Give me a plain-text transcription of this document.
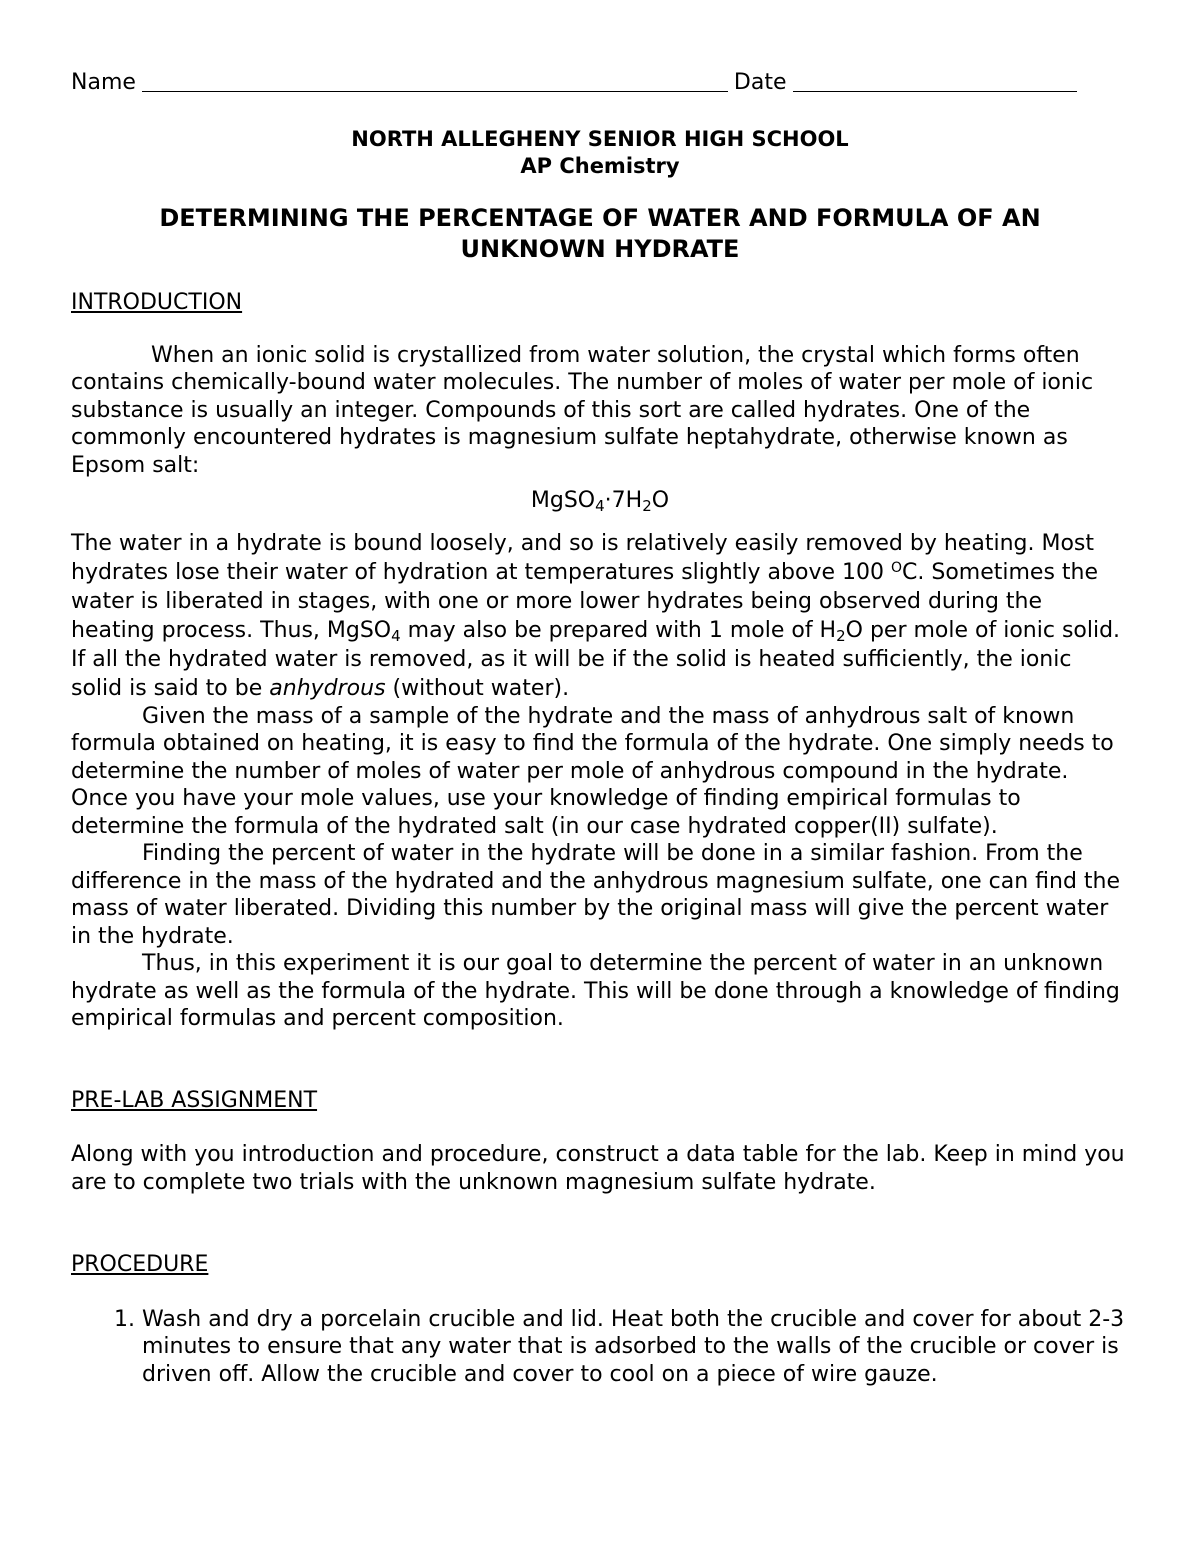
Name	Date
NORTH ALLEGHENY SENIOR HIGH SCHOOL
AP Chemistry
DETERMINING THE PERCENTAGE OF WATER AND FORMULA OF AN
UNKNOWN HYDRATE
INTRODUCTION

When an ionic solid is crystallized from water solution, the crystal which forms often contains chemically-bound water molecules. The number of moles of water per mole of ionic substance is usually an integer. Compounds of this sort are called hydrates. One of the commonly encountered hydrates is magnesium sulfate heptahydrate, otherwise known as Epsom salt:

$MgSO_4\cdot 7H_2O$

The water in a hydrate is bound loosely, and so is relatively easily removed by heating. Most hydrates lose their water of hydration at temperatures slightly above 100 $^O$C. Sometimes the water is liberated in stages, with one or more lower hydrates being observed during the heating process. Thus, MgSO$_4$ may also be prepared with 1 mole of $H_2O$ per mole of ionic solid. If all the hydrated water is removed, as it will be if the solid is heated sufficiently, the ionic solid is said to be anhydrous (without water).

Given the mass of a sample of the hydrate and the mass of anhydrous salt of known formula obtained on heating, it is easy to find the formula of the hydrate. One simply needs to determine the number of moles of water per mole of anhydrous compound in the hydrate. Once you have your mole values, use your knowledge of finding empirical formulas to determine the formula of the hydrated salt (in our case hydrated copper(II) sulfate).

Finding the percent of water in the hydrate will be done in a similar fashion. From the difference in the mass of the hydrated and the anhydrous magnesium sulfate, one can find the mass of water liberated. Dividing this number by the original mass will give the percent water in the hydrate.

Thus, in this experiment it is our goal to determine the percent of water in an unknown hydrate as well as the formula of the hydrate. This will be done through a knowledge of finding empirical formulas and percent composition.

PRE-LAB ASSIGNMENT

Along with you introduction and procedure, construct a data table for the lab. Keep in mind you are to complete two trials with the unknown magnesium sulfate hydrate.

PROCEDURE
1. Wash and dry a porcelain crucible and lid. Heat both the crucible and cover for about 2-3 minutes to ensure that any water that is adsorbed to the walls of the crucible or cover is driven off. Allow the crucible and cover to cool on a piece of wire gauze.
